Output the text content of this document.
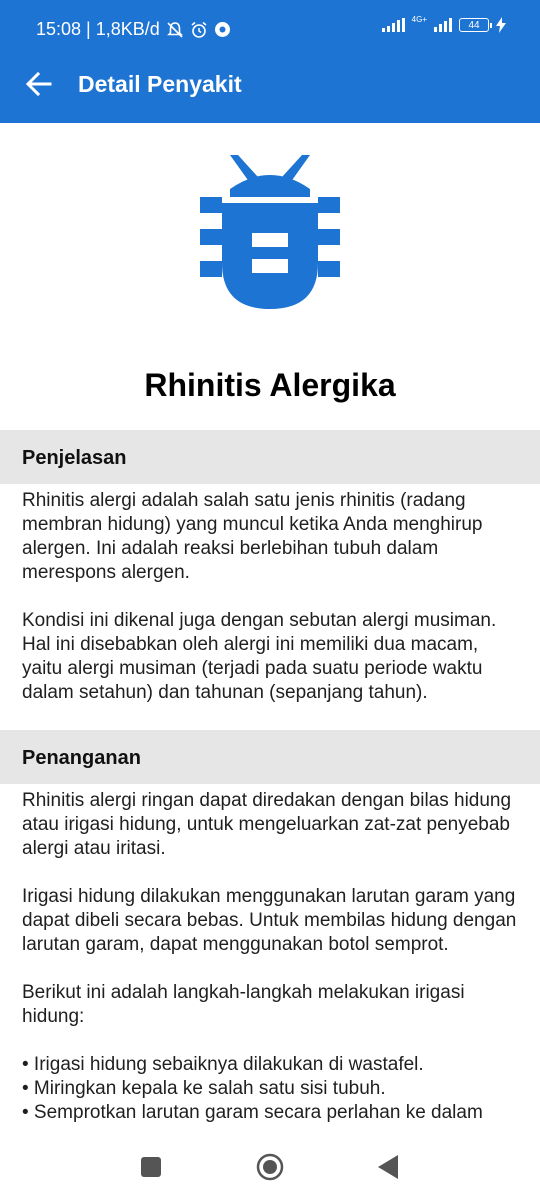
15:08 | 1,8KB/d	4G+	44
Detail Penyakit
Rhinitis Alergika
Penjelasan

Rhinitis alergi adalah salah satu jenis rhinitis (radang membran hidung) yang muncul ketika Anda menghirup alergen. Ini adalah reaksi berlebihan tubuh dalam merespons alergen.

Kondisi ini dikenal juga dengan sebutan alergi musiman. Hal ini disebabkan oleh alergi ini memiliki dua macam, yaitu alergi musiman (terjadi pada suatu periode waktu dalam setahun) dan tahunan (sepanjang tahun).

Penanganan

Rhinitis alergi ringan dapat diredakan dengan bilas hidung atau irigasi hidung, untuk mengeluarkan zat-zat penyebab alergi atau iritasi.

Irigasi hidung dilakukan menggunakan larutan garam yang dapat dibeli secara bebas. Untuk membilas hidung dengan larutan garam, dapat menggunakan botol semprot.

Berikut ini adalah langkah-langkah melakukan irigasi hidung:

• Irigasi hidung sebaiknya dilakukan di wastafel.
• Miringkan kepala ke salah satu sisi tubuh.
• Semprotkan larutan garam secara perlahan ke dalam
